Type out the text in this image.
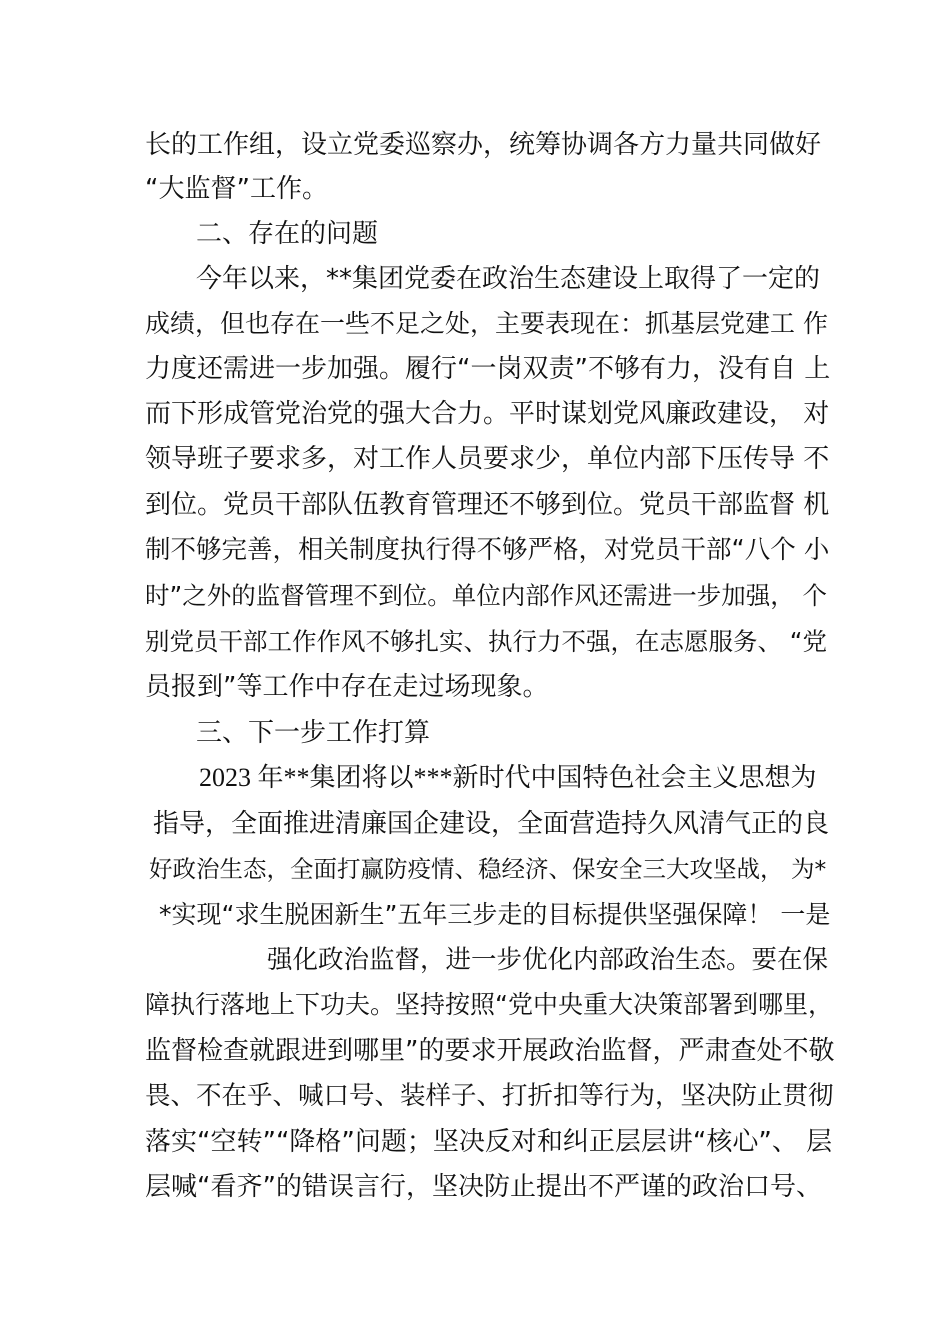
长的工作组，设立党委巡察办，统筹协调各方力量共同做好
“大监督”工作。
二、存在的问题
今年以来，**集团党委在政治生态建设上取得了一定的
成绩，但也存在一些不足之处，主要表现在：抓基层党建工 作
力度还需进一步加强。履行“一岗双责”不够有力，没有自 上
而下形成管党治党的强大合力。平时谋划党风廉政建设， 对
领导班子要求多，对工作人员要求少，单位内部下压传导 不
到位。党员干部队伍教育管理还不够到位。党员干部监督 机
制不够完善，相关制度执行得不够严格，对党员干部“八个 小
时”之外的监督管理不到位。单位内部作风还需进一步加强， 个
别党员干部工作作风不够扎实、执行力不强，在志愿服务、 “党
员报到”等工作中存在走过场现象。
三、下一步工作打算
2023 年**集团将以***新时代中国特色社会主义思想为
指导，全面推进清廉国企建设，全面营造持久风清气正的良
好政治生态，全面打赢防疫情、稳经济、保安全三大攻坚战， 为*
*实现“求生脱困新生”五年三步走的目标提供坚强保障！ 一是
强化政治监督，进一步优化内部政治生态。要在保
障执行落地上下功夫。坚持按照“党中央重大决策部署到哪里，
监督检查就跟进到哪里”的要求开展政治监督，严肃查处不敬
畏、不在乎、喊口号、装样子、打折扣等行为，坚决防止贯彻
落实“空转”“降格”问题；坚决反对和纠正层层讲“核心”、 层
层喊“看齐”的错误言行，坚决防止提出不严谨的政治口号、
